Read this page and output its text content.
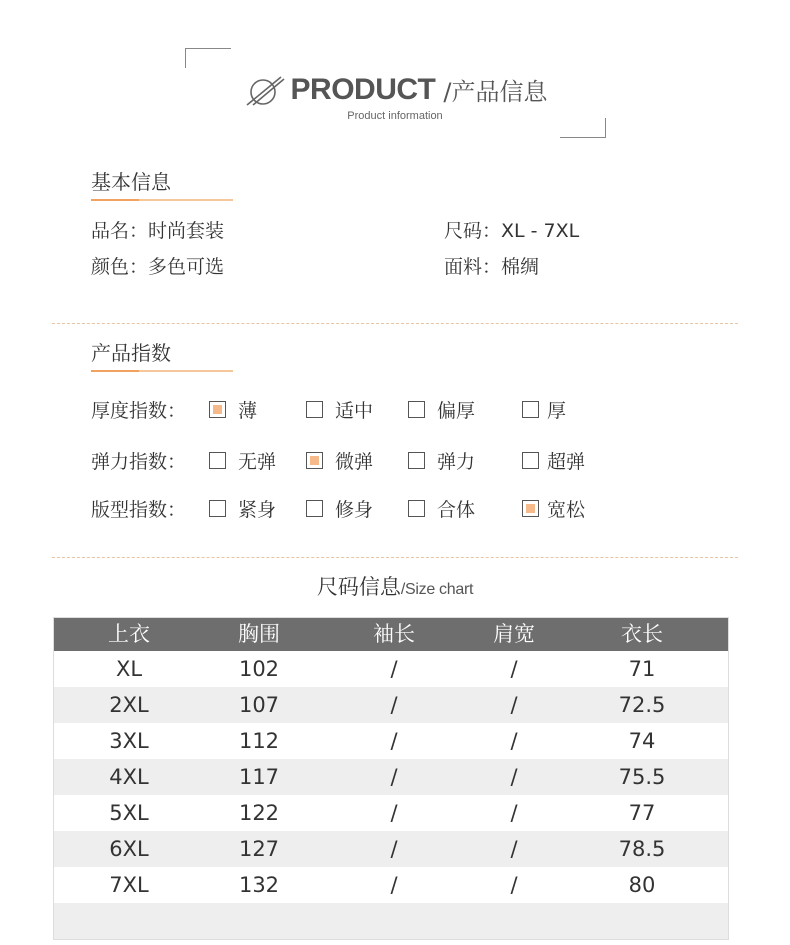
PRODUCT /产品信息
Product information
基本信息
品名：时尚套装	尺码：XL - 7XL
颜色：多色可选	面料：棉绸
产品指数
厚度指数：	薄	适中	偏厚	厚
弹力指数：	无弹	微弹	弹力	超弹
版型指数：	紧身	修身	合体	宽松
尺码信息/Size chart
上衣	胸围	袖长	肩宽	衣长
XL	102	/	/	71
2XL	107	/	/	72.5
3XL	112	/	/	74
4XL	117	/	/	75.5
5XL	122	/	/	77
6XL	127	/	/	78.5
7XL	132	/	/	80
